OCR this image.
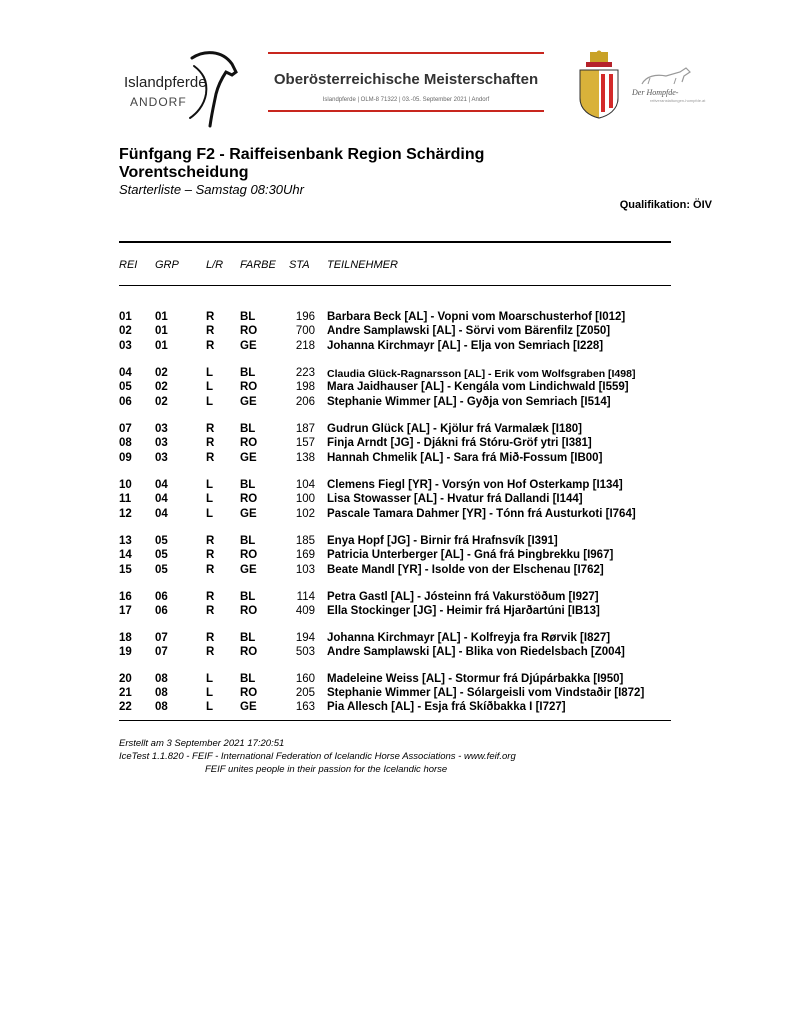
Islandpferde
ANDORF
Oberösterreichische Meisterschaften
Islandpferde | OLM-8 71322 | 03.-05. September 2021 | Andorf
Der Hompfde-
reitveranstaltungen-hompfde.at
Fünfgang F2 - Raiffeisenbank Region Schärding
Vorentscheidung
Starterliste – Samstag 08:30Uhr
Qualifikation: ÖIV
REI GRP L/R FARBE STA TEILNEHMER
01 01	R BL	196 Barbara Beck [AL] - Vopni vom Moarschusterhof [I012]
02 01	R RO	700 Andre Samplawski [AL] - Sörvi vom Bärenfilz [Z050]
03 01	R GE	218 Johanna Kirchmayr [AL] - Elja von Semriach [I228]
04 02	L BL	223 Claudia Glück-Ragnarsson [AL] - Erik vom Wolfsgraben [I498]
05 02	L RO	198 Mara Jaidhauser [AL] - Kengála vom Lindichwald [I559]
06 02	L GE	206 Stephanie Wimmer [AL] - Gyðja von Semriach [I514]
07 03	R BL	187 Gudrun Glück [AL] - Kjölur frá Varmalæk [I180]
08 03	R RO	157 Finja Arndt [JG] - Djákni frá Stóru-Gröf ytri [I381]
09 03	R GE	138 Hannah Chmelik [AL] - Sara frá Mið-Fossum [IB00]
10 04	L BL	104 Clemens Fiegl [YR] - Vorsýn von Hof Osterkamp [I134]
11 04	L RO	100 Lisa Stowasser [AL] - Hvatur frá Dallandi [I144]
12 04	L GE	102 Pascale Tamara Dahmer [YR] - Tónn frá Austurkoti [I764]
13 05	R BL	185 Enya Hopf [JG] - Birnir frá Hrafnsvík [I391]
14 05	R RO	169 Patricia Unterberger [AL] - Gná frá Þingbrekku [I967]
15 05	R GE	103 Beate Mandl [YR] - Isolde von der Elschenau [I762]
16 06	R BL	114 Petra Gastl [AL] - Jósteinn frá Vakurstöðum [I927]
17 06	R RO	409 Ella Stockinger [JG] - Heimir frá Hjarðartúni [IB13]
18 07	R BL	194 Johanna Kirchmayr [AL] - Kolfreyja fra Rørvik [I827]
19 07	R RO	503 Andre Samplawski [AL] - Blika von Riedelsbach [Z004]
20 08	L BL	160 Madeleine Weiss [AL] - Stormur frá Djúpárbakka [I950]
21 08	L RO	205 Stephanie Wimmer [AL] - Sólargeisli vom Vindstaðir [I872]
22 08	L GE	163 Pia Allesch [AL] - Esja frá Skíðbakka I [I727]
Erstellt am 3 September 2021 17:20:51
IceTest 1.1.820 - FEIF - International Federation of Icelandic Horse Associations - www.feif.org
FEIF unites people in their passion for the Icelandic horse
